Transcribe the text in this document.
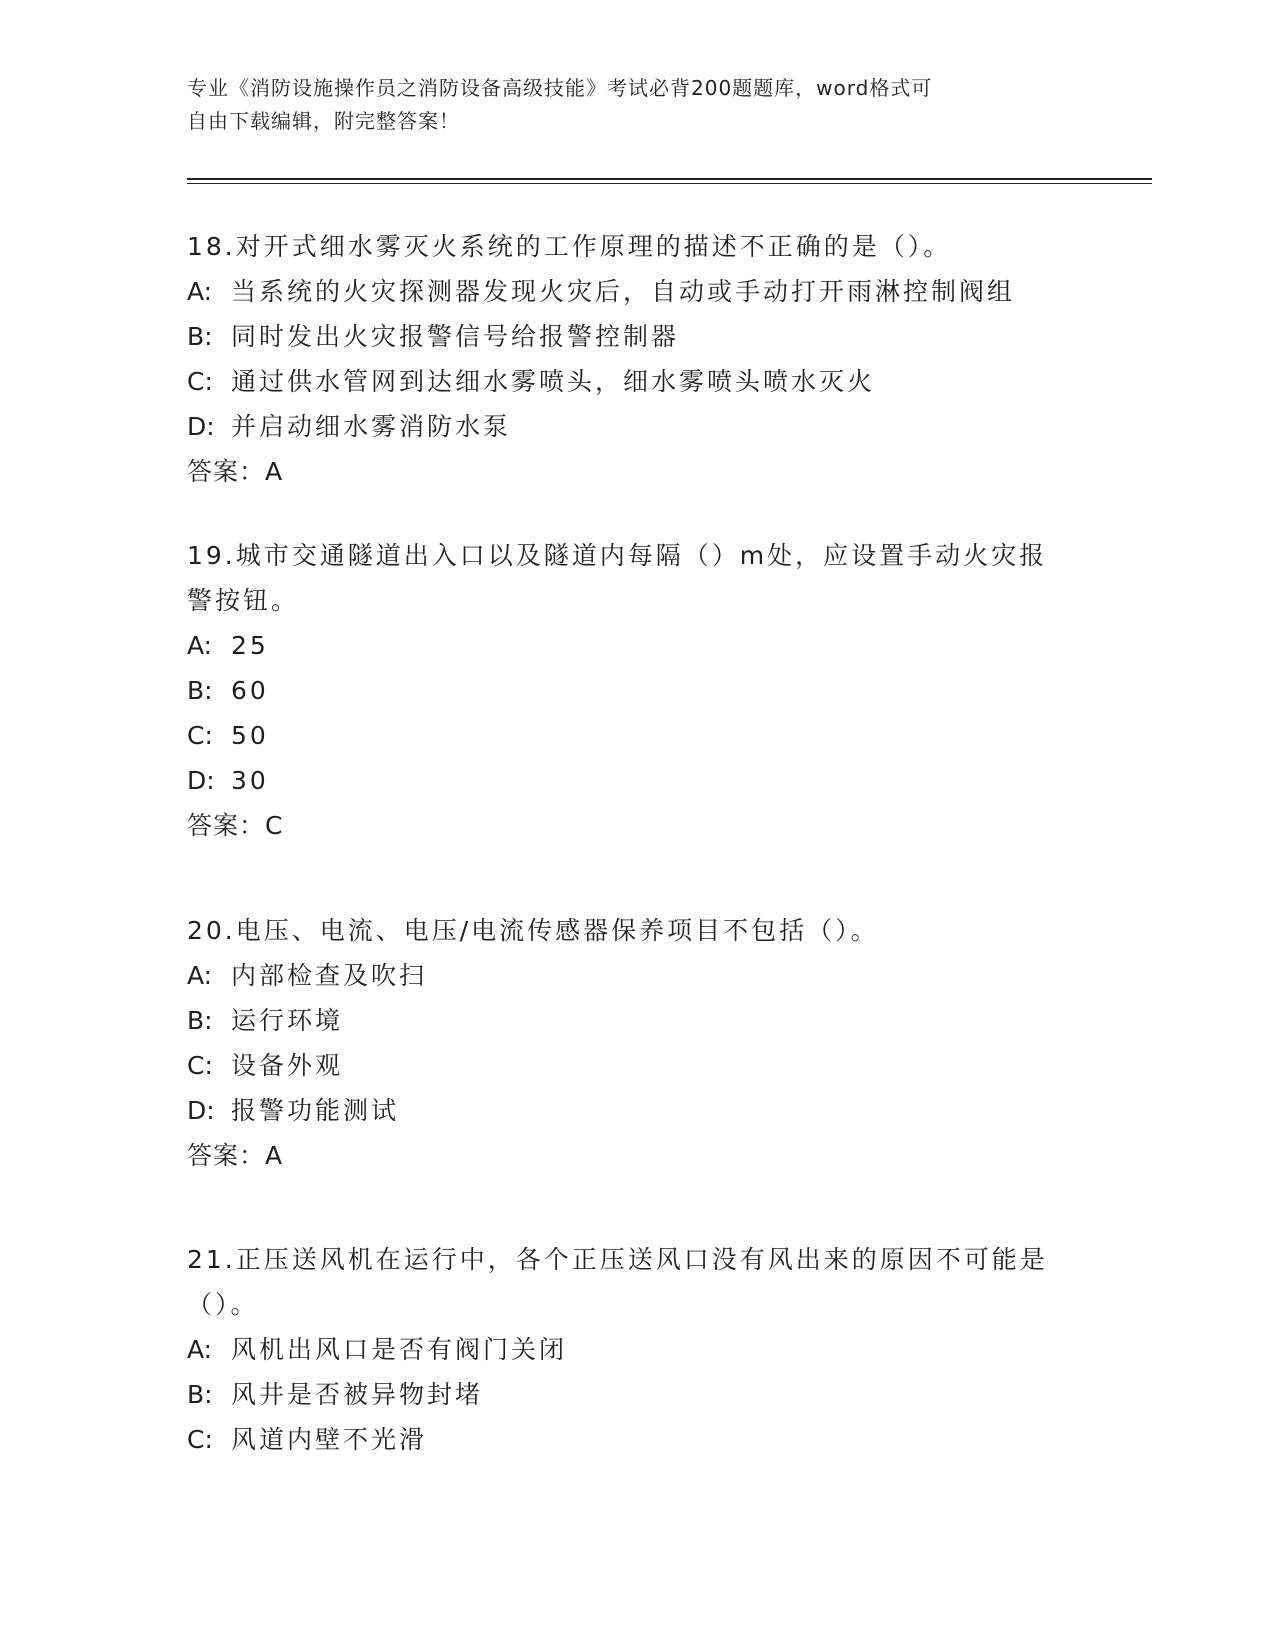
专业《消防设施操作员之消防设备高级技能》考试必背200题题库，word格式可
自由下载编辑，附完整答案！

18.对开式细水雾灭火系统的工作原理的描述不正确的是（）。

A: 当系统的火灾探测器发现火灾后，自动或手动打开雨淋控制阀组

B: 同时发出火灾报警信号给报警控制器

C: 通过供水管网到达细水雾喷头，细水雾喷头喷水灭火

D: 并启动细水雾消防水泵

答案：A

19.城市交通隧道出入口以及隧道内每隔（）m处，应设置手动火灾报警按钮。

A: 25

B: 60

C: 50

D: 30

答案：C

20.电压、电流、电压/电流传感器保养项目不包括（）。

A: 内部检查及吹扫

B: 运行环境

C: 设备外观

D: 报警功能测试

答案：A

21.正压送风机在运行中，各个正压送风口没有风出来的原因不可能是（）。

A: 风机出风口是否有阀门关闭

B: 风井是否被异物封堵

C: 风道内壁不光滑
